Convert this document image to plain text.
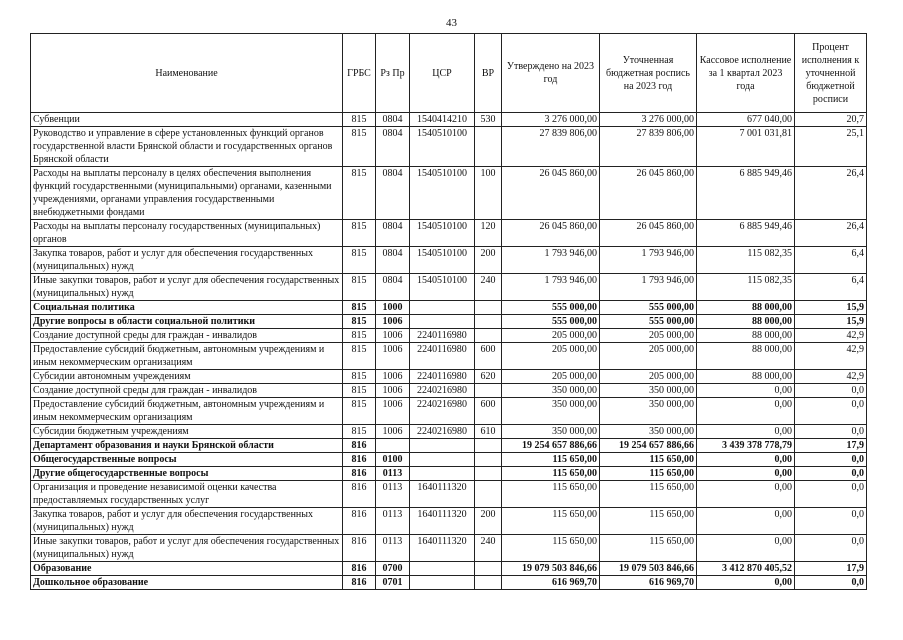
43
Наименование	ГРБС	Рз Пр	ЦСР	ВР	Утверждено на 2023 год	Уточненная бюджетная роспись на 2023 год	Кассовое исполнение за 1 квартал 2023 года	Процент исполнения к уточненной бюджетной росписи
Субвенции	815	0804	1540414210	530	3 276 000,00	3 276 000,00	677 040,00	20,7
Руководство и управление в сфере установленных функций органов государственной власти Брянской области и государственных органов Брянской области	815	0804	1540510100		27 839 806,00	27 839 806,00	7 001 031,81	25,1
Расходы на выплаты персоналу в целях обеспечения выполнения функций государственными (муниципальными) органами, казенными учреждениями, органами управления государственными внебюджетными фондами	815	0804	1540510100	100	26 045 860,00	26 045 860,00	6 885 949,46	26,4
Расходы на выплаты персоналу государственных (муниципальных) органов	815	0804	1540510100	120	26 045 860,00	26 045 860,00	6 885 949,46	26,4
Закупка товаров, работ и услуг для обеспечения государственных (муниципальных) нужд	815	0804	1540510100	200	1 793 946,00	1 793 946,00	115 082,35	6,4
Иные закупки товаров, работ и услуг для обеспечения государственных (муниципальных) нужд	815	0804	1540510100	240	1 793 946,00	1 793 946,00	115 082,35	6,4
Социальная политика	815	1000			555 000,00	555 000,00	88 000,00	15,9
Другие вопросы в области социальной политики	815	1006			555 000,00	555 000,00	88 000,00	15,9
Создание доступной среды для граждан - инвалидов	815	1006	2240116980		205 000,00	205 000,00	88 000,00	42,9
Предоставление субсидий бюджетным, автономным учреждениям и иным некоммерческим организациям	815	1006	2240116980	600	205 000,00	205 000,00	88 000,00	42,9
Субсидии автономным учреждениям	815	1006	2240116980	620	205 000,00	205 000,00	88 000,00	42,9
Создание доступной среды для граждан - инвалидов	815	1006	2240216980		350 000,00	350 000,00	0,00	0,0
Предоставление субсидий бюджетным, автономным учреждениям и иным некоммерческим организациям	815	1006	2240216980	600	350 000,00	350 000,00	0,00	0,0
Субсидии бюджетным учреждениям	815	1006	2240216980	610	350 000,00	350 000,00	0,00	0,0
Департамент образования и науки Брянской области	816				19 254 657 886,66	19 254 657 886,66	3 439 378 778,79	17,9
Общегосударственные вопросы	816	0100			115 650,00	115 650,00	0,00	0,0
Другие общегосударственные вопросы	816	0113			115 650,00	115 650,00	0,00	0,0
Организация и проведение независимой оценки качества предоставляемых государственных услуг	816	0113	1640111320		115 650,00	115 650,00	0,00	0,0
Закупка товаров, работ и услуг для обеспечения государственных (муниципальных) нужд	816	0113	1640111320	200	115 650,00	115 650,00	0,00	0,0
Иные закупки товаров, работ и услуг для обеспечения государственных (муниципальных) нужд	816	0113	1640111320	240	115 650,00	115 650,00	0,00	0,0
Образование	816	0700			19 079 503 846,66	19 079 503 846,66	3 412 870 405,52	17,9
Дошкольное образование	816	0701			616 969,70	616 969,70	0,00	0,0
